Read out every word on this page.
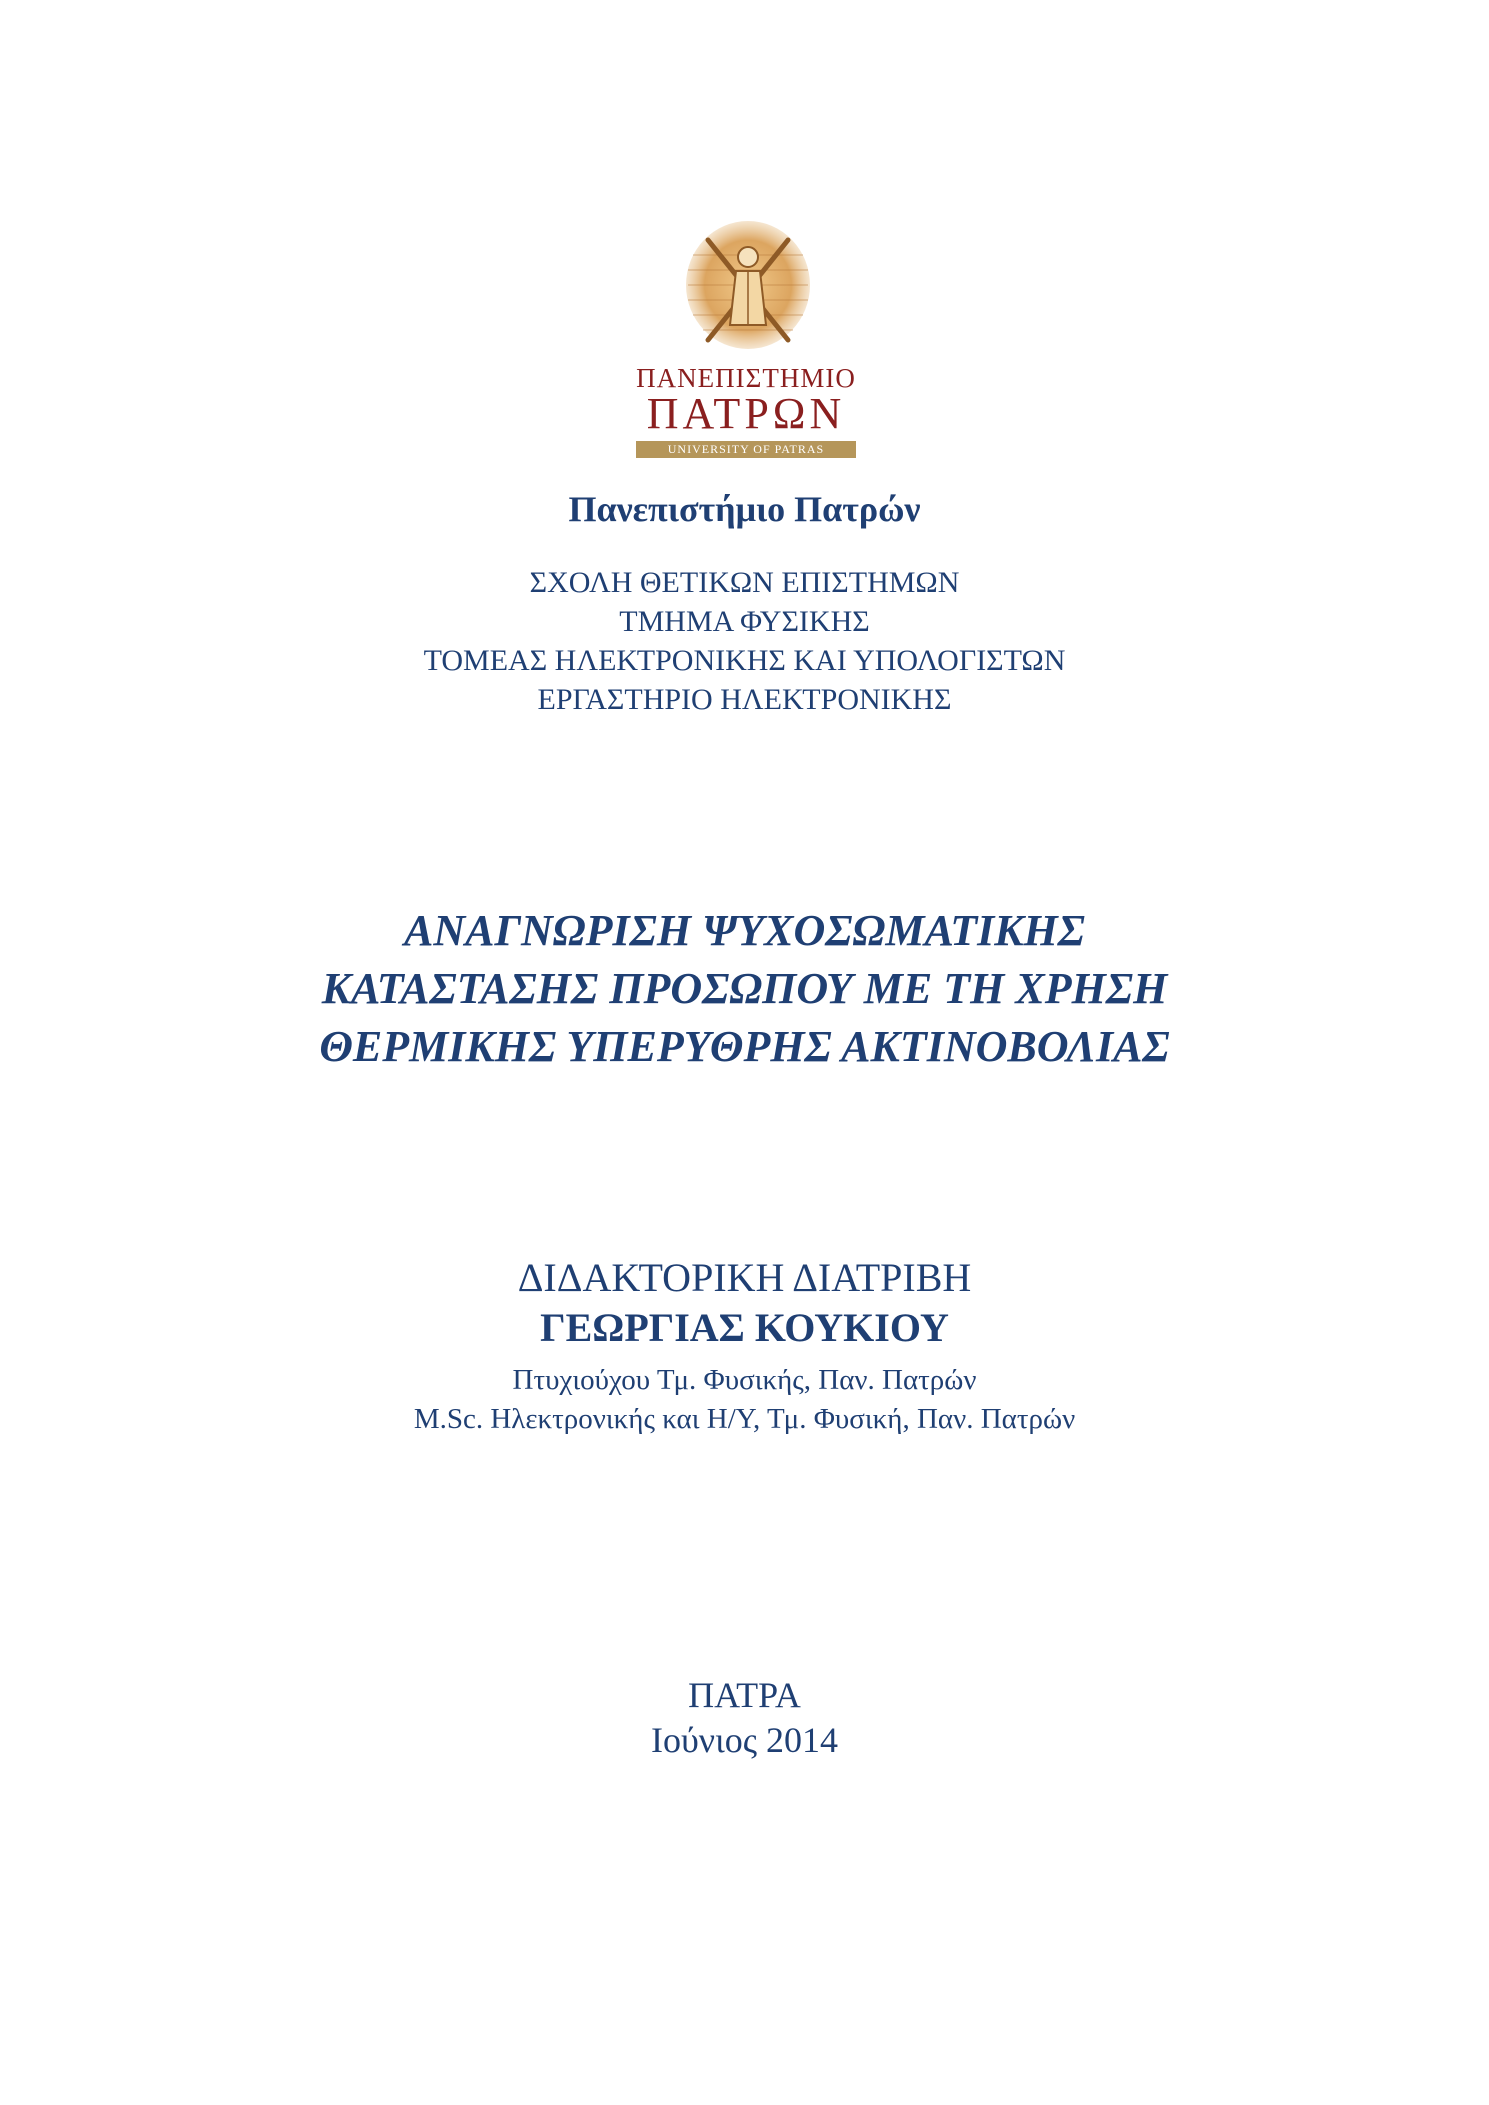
ΠΑΝΕΠΙΣΤΗΜΙΟ
ΠΑΤΡΩΝ
UNIVERSITY OF PATRAS
Πανεπιστήμιο Πατρών
ΣΧΟΛΗ ΘΕΤΙΚΩΝ ΕΠΙΣΤΗΜΩΝ
ΤΜΗΜΑ ΦΥΣΙΚΗΣ
ΤΟΜΕΑΣ ΗΛΕΚΤΡΟΝΙΚΗΣ ΚΑΙ ΥΠΟΛΟΓΙΣΤΩΝ
ΕΡΓΑΣΤΗΡΙΟ ΗΛΕΚΤΡΟΝΙΚΗΣ
ΑΝΑΓΝΩΡΙΣΗ ΨΥΧΟΣΩΜΑΤΙΚΗΣ
ΚΑΤΑΣΤΑΣΗΣ ΠΡΟΣΩΠΟΥ ΜΕ ΤΗ ΧΡΗΣΗ
ΘΕΡΜΙΚΗΣ ΥΠΕΡΥΘΡΗΣ ΑΚΤΙΝΟΒΟΛΙΑΣ
ΔΙΔΑΚΤΟΡΙΚΗ ΔΙΑΤΡΙΒΗ
ΓΕΩΡΓΙΑΣ ΚΟΥΚΙΟΥ
Πτυχιούχου Τμ. Φυσικής, Παν. Πατρών
M.Sc. Ηλεκτρονικής και Η/Υ, Τμ. Φυσική, Παν. Πατρών
ΠΑΤΡΑ
Ιούνιος 2014
